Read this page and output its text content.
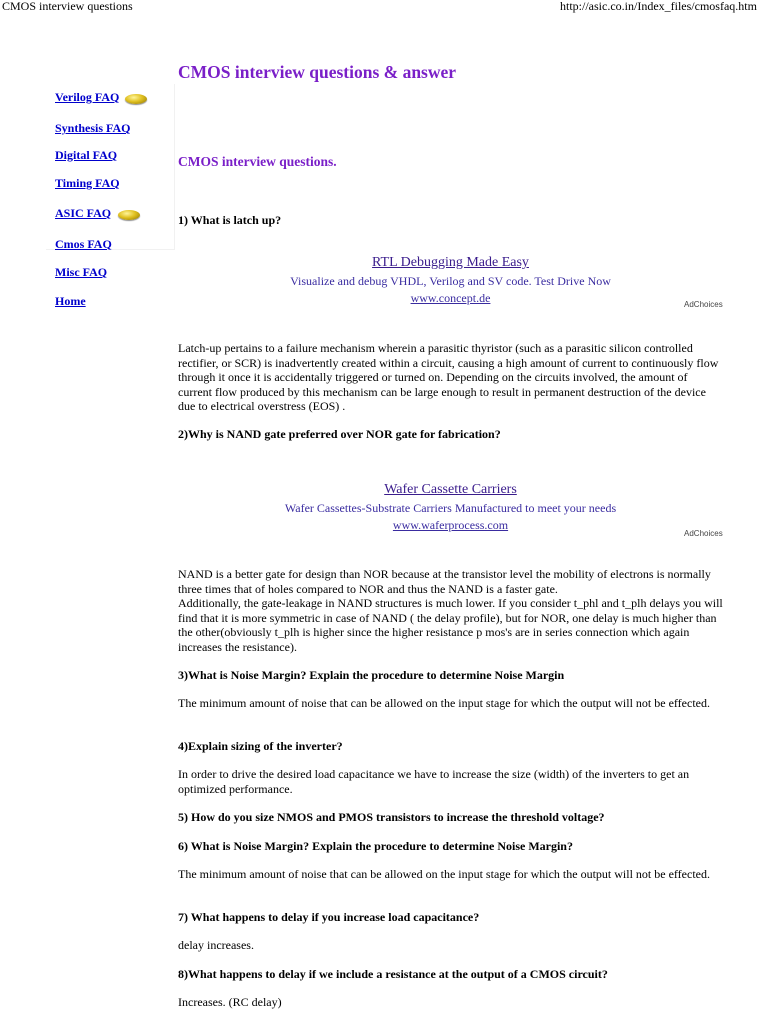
CMOS interview questions	http://asic.co.in/Index_files/cmosfaq.htm
Verilog FAQ
Synthesis FAQ
Digital FAQ
Timing FAQ
ASIC FAQ
Cmos FAQ
Misc FAQ
Home
CMOS interview questions & answer
CMOS interview questions.
1) What is latch up?
RTL Debugging Made Easy
Visualize and debug VHDL, Verilog and SV code. Test Drive Now
www.concept.de	AdChoices
Latch-up pertains to a failure mechanism wherein a parasitic thyristor (such as a parasitic silicon controlled rectifier, or SCR) is inadvertently created within a circuit, causing a high amount of current to continuously flow through it once it is accidentally triggered or turned on. Depending on the circuits involved, the amount of current flow produced by this mechanism can be large enough to result in permanent destruction of the device due to electrical overstress (EOS) .
2)Why is NAND gate preferred over NOR gate for fabrication?
Wafer Cassette Carriers
Wafer Cassettes-Substrate Carriers Manufactured to meet your needs
www.waferprocess.com
AdChoices
NAND is a better gate for design than NOR because at the transistor level the mobility of electrons is normally three times that of holes compared to NOR and thus the NAND is a faster gate.
Additionally, the gate-leakage in NAND structures is much lower. If you consider t_phl and t_plh delays you will find that it is more symmetric in case of NAND ( the delay profile), but for NOR, one delay is much higher than the other(obviously t_plh is higher since the higher resistance p mos's are in series connection which again increases the resistance).
3)What is Noise Margin? Explain the procedure to determine Noise Margin
The minimum amount of noise that can be allowed on the input stage for which the output will not be effected.
4)Explain sizing of the inverter?
In order to drive the desired load capacitance we have to increase the size (width) of the inverters to get an optimized performance.
5) How do you size NMOS and PMOS transistors to increase the threshold voltage?
6) What is Noise Margin? Explain the procedure to determine Noise Margin?
The minimum amount of noise that can be allowed on the input stage for which the output will not be effected.
7) What happens to delay if you increase load capacitance?
delay increases.
8)What happens to delay if we include a resistance at the output of a CMOS circuit?
Increases. (RC delay)
